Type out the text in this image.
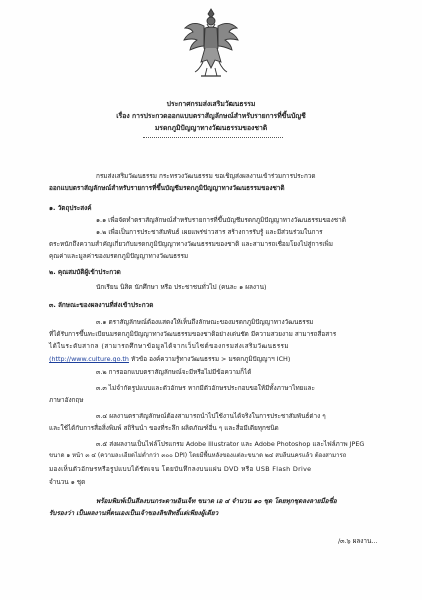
ประกาศกรมส่งเสริมวัฒนธรรม
เรื่อง การประกวดออกแบบตราสัญลักษณ์สำหรับรายการที่ขึ้นบัญชี
มรดกภูมิปัญญาทางวัฒนธรรมของชาติ
กรมส่งเสริมวัฒนธรรม กระทรวงวัฒนธรรม ขอเชิญส่งผลงานเข้าร่วมการประกวด
ออกแบบตราสัญลักษณ์สำหรับรายการที่ขึ้นบัญชีมรดกภูมิปัญญาทางวัฒนธรรมของชาติ
๑. วัตถุประสงค์
๑.๑ เพื่อจัดทำตราสัญลักษณ์สำหรับรายการที่ขึ้นบัญชีมรดกภูมิปัญญาทางวัฒนธรรมของชาติ
๑.๒ เพื่อเป็นการประชาสัมพันธ์ เผยแพร่ข่าวสาร สร้างการรับรู้ และมีส่วนร่วมในการ
ตระหนักถึงความสำคัญเกี่ยวกับมรดกภูมิปัญญาทางวัฒนธรรมของชาติ และสามารถเชื่อมโยงไปสู่การเพิ่ม
คุณค่าและมูลค่าของมรดกภูมิปัญญาทางวัฒนธรรม
๒. คุณสมบัติผู้เข้าประกวด
นักเรียน นิสิต นักศึกษา หรือ ประชาชนทั่วไป (คนละ ๑ ผลงาน)
๓. ลักษณะของผลงานที่ส่งเข้าประกวด
๓.๑ ตราสัญลักษณ์ต้องแสดงให้เห็นถึงลักษณะของมรดกภูมิปัญญาทางวัฒนธรรม
ที่ได้รับการขึ้นทะเบียนมรดกภูมิปัญญาทางวัฒนธรรมของชาติอย่างเด่นชัด มีความสวยงาม สามารถสื่อสาร
ได้ในระดับสากล (สามารถศึกษาข้อมูลได้จากเว็บไซต์ของกรมส่งเสริมวัฒนธรรม
(http://www.culture.go.th หัวข้อ องค์ความรู้ทางวัฒนธรรม > มรดกภูมิปัญญาฯ ICH)
๓.๒ การออกแบบตราสัญลักษณ์จะมีหรือไม่มีข้อความก็ได้
๓.๓ ไม่จำกัดรูปแบบและตัวอักษร หากมีตัวอักษรประกอบขอให้มีทั้งภาษาไทยและ
ภาษาอังกฤษ
๓.๔ ผลงานตราสัญลักษณ์ต้องสามารถนำไปใช้งานได้จริงในการประชาสัมพันธ์ต่าง ๆ
และใช้ได้กับการสื่อสิ่งพิมพ์ สถิรินนำ ของที่ระลึก ผลิตภัณฑ์อื่น ๆ และสื่อมีเดียทุกชนิด
๓.๕ ส่งผลงานเป็นไฟล์โปรแกรม Adobe Illustrator และ Adobe Photoshop และไฟล์ภาพ JPEG
ขนาด ๑ หน้า ๓ ๔ (ความละเอียดไม่ต่ำกว่า ๓๐๐ DPI) โดยมีพื้นหลังของแต่ละขนาด ๒๔ สบลีนนครแล้ว ต้องสามารถ
มองเห็นตัวอักษรหรือรูปแบบได้ชัดเจน โดยบันทึกลงบนแผ่น DVD หรือ USB Flash Drive
จำนวน ๑ ชุด
พร้อมพิมพ์เป็นสีลงบนกระดาษอินเจ็ท ขนาด เอ ๔ จำนวน ๑๐ ชุด โดยทุกชุดลงลายมือชื่อ
รับรองว่า เป็นผลงานที่ตนเองเป็นเจ้าของลิขสิทธิ์แต่เพียงผู้เดียว
/๓.๖ ผลงาน...
